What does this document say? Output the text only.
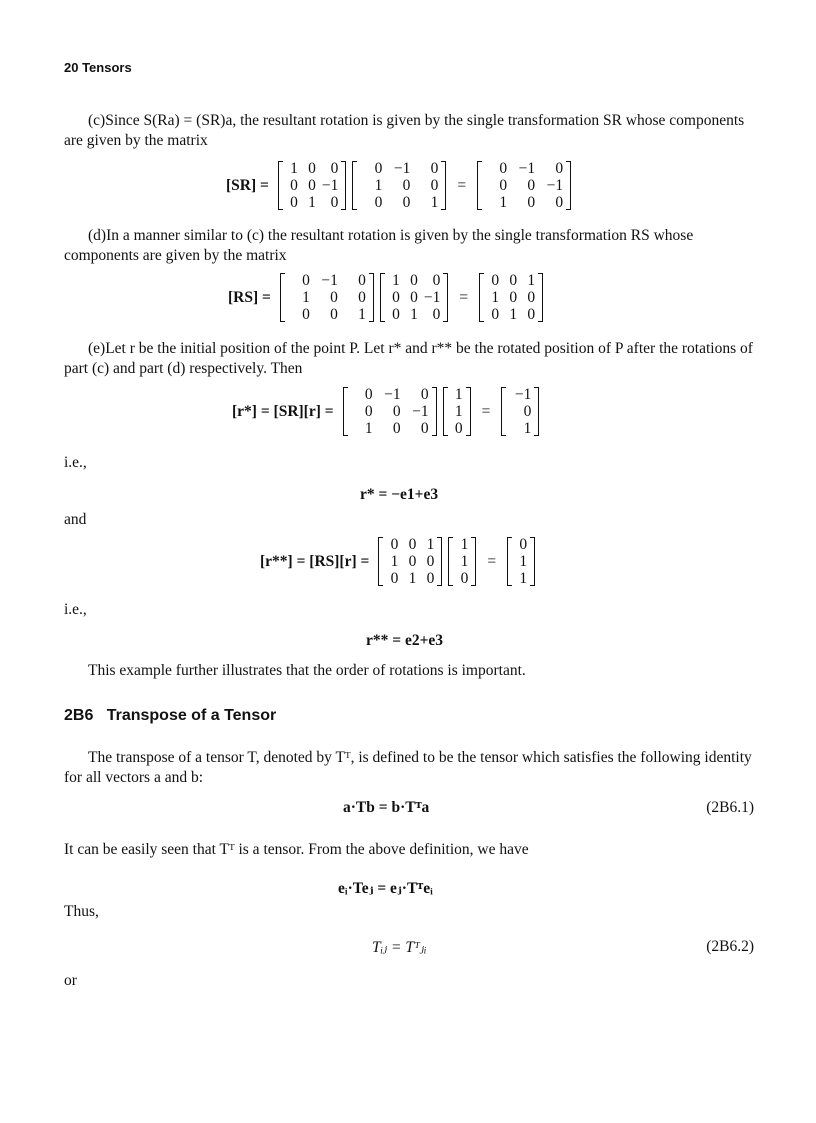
20 Tensors

(c)Since S(Ra) = (SR)a, the resultant rotation is given by the single transformation SR whose components are given by the matrix

[SR] =
1	0	0
0	0	−1
0	1	0
0	−1	0
1	0	0
0	0	1
=
0	−1	0
0	0	−1
1	0	0

(d)In a manner similar to (c) the resultant rotation is given by the single transformation RS whose components are given by the matrix

[RS] =
0	−1	0
1	0	0
0	0	1
1	0	0
0	0	−1
0	1	0
=
0	0	1
1	0	0
0	1	0

(e)Let r be the initial position of the point P. Let r* and r** be the rotated position of P after the rotations of part (c) and part (d) respectively. Then

[r*] = [SR][r] =
0	−1	0
0	0	−1
1	0	0
1
1
0
=
−1
0
1
i.e.,
r* = −e1+e3
and
[r**] = [RS][r] =
0	0	1
1	0	0
0	1	0
1
1
0
=
0
1
1
i.e.,
r** = e2+e3

This example further illustrates that the order of rotations is important.

2B6 Transpose of a Tensor

The transpose of a tensor T, denoted by Tᵀ, is defined to be the tensor which satisfies the following identity for all vectors a and b:

a·Tb = b·Tᵀa	(2B6.1)

It can be easily seen that Tᵀ is a tensor. From the above definition, we have

eᵢ·Teⱼ = eⱼ·Tᵀeᵢ
Thus,
Tᵢⱼ = Tᵀⱼᵢ	(2B6.2)
or
